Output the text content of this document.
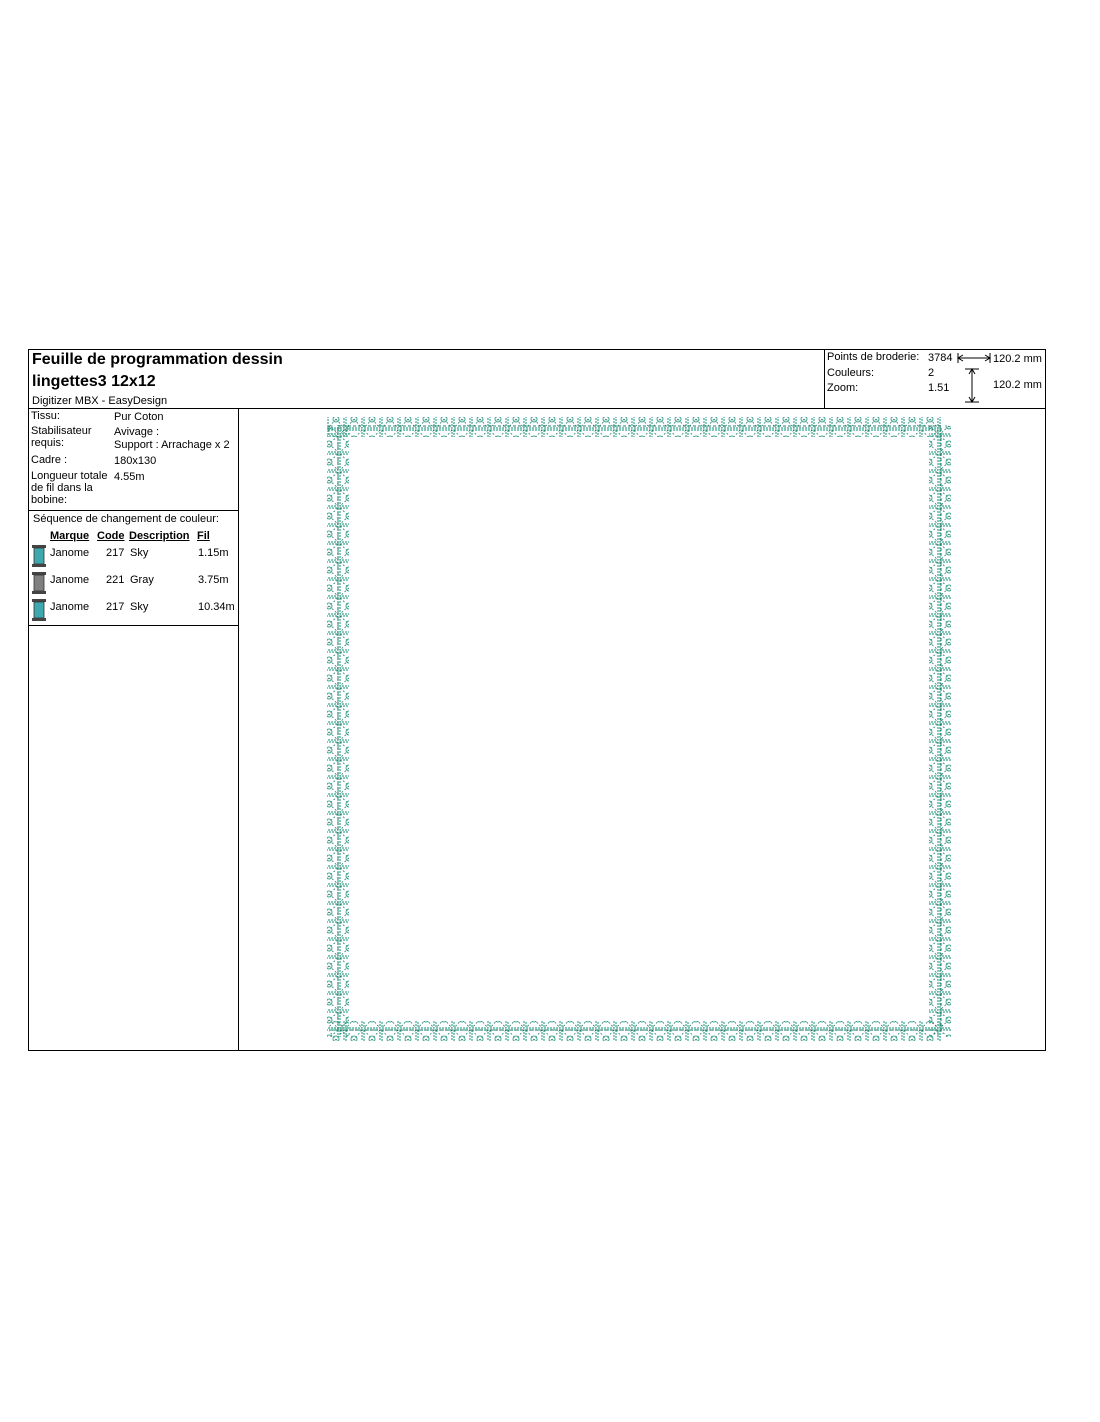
Feuille de programmation dessin
lingettes3 12x12
Digitizer MBX - EasyDesign
Points de broderie: 3784
Couleurs:	2
Zoom:	1.51
120.2 mm
120.2 mm
Tissu:	Pur Coton
Stabilisateur requis:
Avivage :
Support : Arrachage x 2
Cadre :	180x130
Longueur totale de fil dans la bobine:
4.55m
Séquence de changement de couleur:
Marque Code Description Fil
Janome 217 Sky	1.15m
Janome 221 Gray	3.75m
Janome 217 Sky	10.34m
